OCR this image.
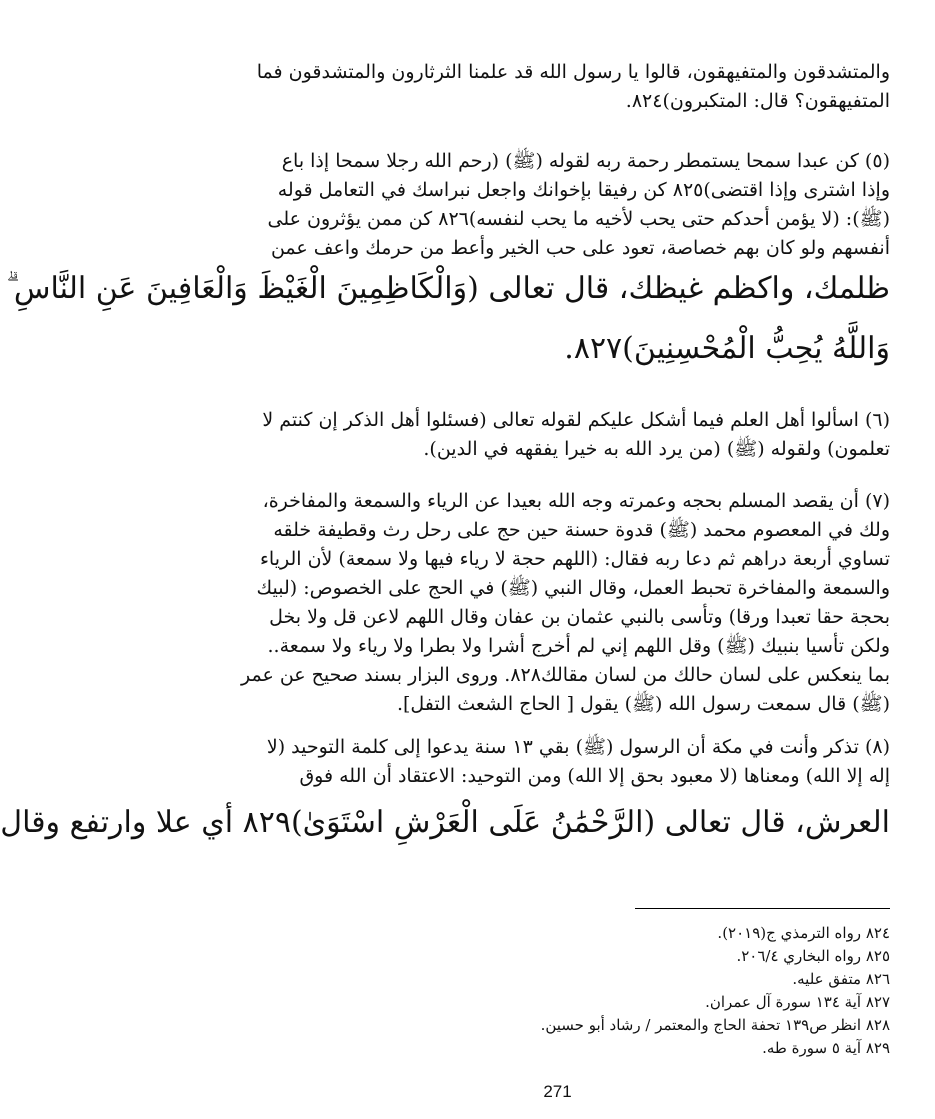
والمتشدقون والمتفيهقون، قالوا يا رسول الله قد علمنا الثرثارون والمتشدقون فما
المتفيهقون؟ قال: المتكبرون)٨٢٤.
(٥) كن عبدا سمحا يستمطر رحمة ربه لقوله (ﷺ) (رحم الله رجلا سمحا إذا باع
وإذا اشترى وإذا اقتضى)٨٢٥ كن رفيقا بإخوانك واجعل نبراسك في التعامل قوله
(ﷺ): (لا يؤمن أحدكم حتى يحب لأخيه ما يحب لنفسه)٨٢٦ كن ممن يؤثرون على
أنفسهم ولو كان بهم خصاصة، تعود على حب الخير وأعط من حرمك واعف عمن
ظلمك، واكظم غيظك، قال تعالى (وَالْكَاظِمِينَ الْغَيْظَ وَالْعَافِينَ عَنِ النَّاسِ ۗ
وَاللَّهُ يُحِبُّ الْمُحْسِنِينَ)٨٢٧.
(٦) اسألوا أهل العلم فيما أشكل عليكم لقوله تعالى (فسئلوا أهل الذكر إن كنتم لا
تعلمون) ولقوله (ﷺ) (من يرد الله به خيرا يفقهه في الدين).
(٧) أن يقصد المسلم بحجه وعمرته وجه الله بعيدا عن الرياء والسمعة والمفاخرة،
ولك في المعصوم محمد (ﷺ) قدوة حسنة حين حج على رحل رث وقطيفة خلقه
تساوي أربعة دراهم ثم دعا ربه فقال: (اللهم حجة لا رياء فيها ولا سمعة) لأن الرياء
والسمعة والمفاخرة تحبط العمل، وقال النبي (ﷺ) في الحج على الخصوص: (لبيك
بحجة حقا تعبدا ورقا) وتأسى بالنبي عثمان بن عفان وقال اللهم لاعن قل ولا بخل
ولكن تأسيا بنبيك (ﷺ) وقل اللهم إني لم أخرج أشرا ولا بطرا ولا رياء ولا سمعة..
بما ينعكس على لسان حالك من لسان مقالك٨٢٨. وروى البزار بسند صحيح عن عمر
(ﷺ) قال سمعت رسول الله (ﷺ) يقول [ الحاج الشعث التفل].
(٨) تذكر وأنت في مكة أن الرسول (ﷺ) بقي ١٣ سنة يدعوا إلى كلمة التوحيد (لا
إله إلا الله) ومعناها (لا معبود بحق إلا الله) ومن التوحيد: الاعتقاد أن الله فوق
العرش، قال تعالى (الرَّحْمَٰنُ عَلَى الْعَرْشِ اسْتَوَىٰ)٨٢٩ أي علا وارتفع وقال
٨٢٤ رواه الترمذي ج(٢٠١٩).
٨٢٥ رواه البخاري ٢٠٦/٤.
٨٢٦ متفق عليه.
٨٢٧ آية ١٣٤ سورة آل عمران.
٨٢٨ انظر ص١٣٩ تحفة الحاج والمعتمر / رشاد أبو حسين.
٨٢٩ آية ٥ سورة طه.
271
